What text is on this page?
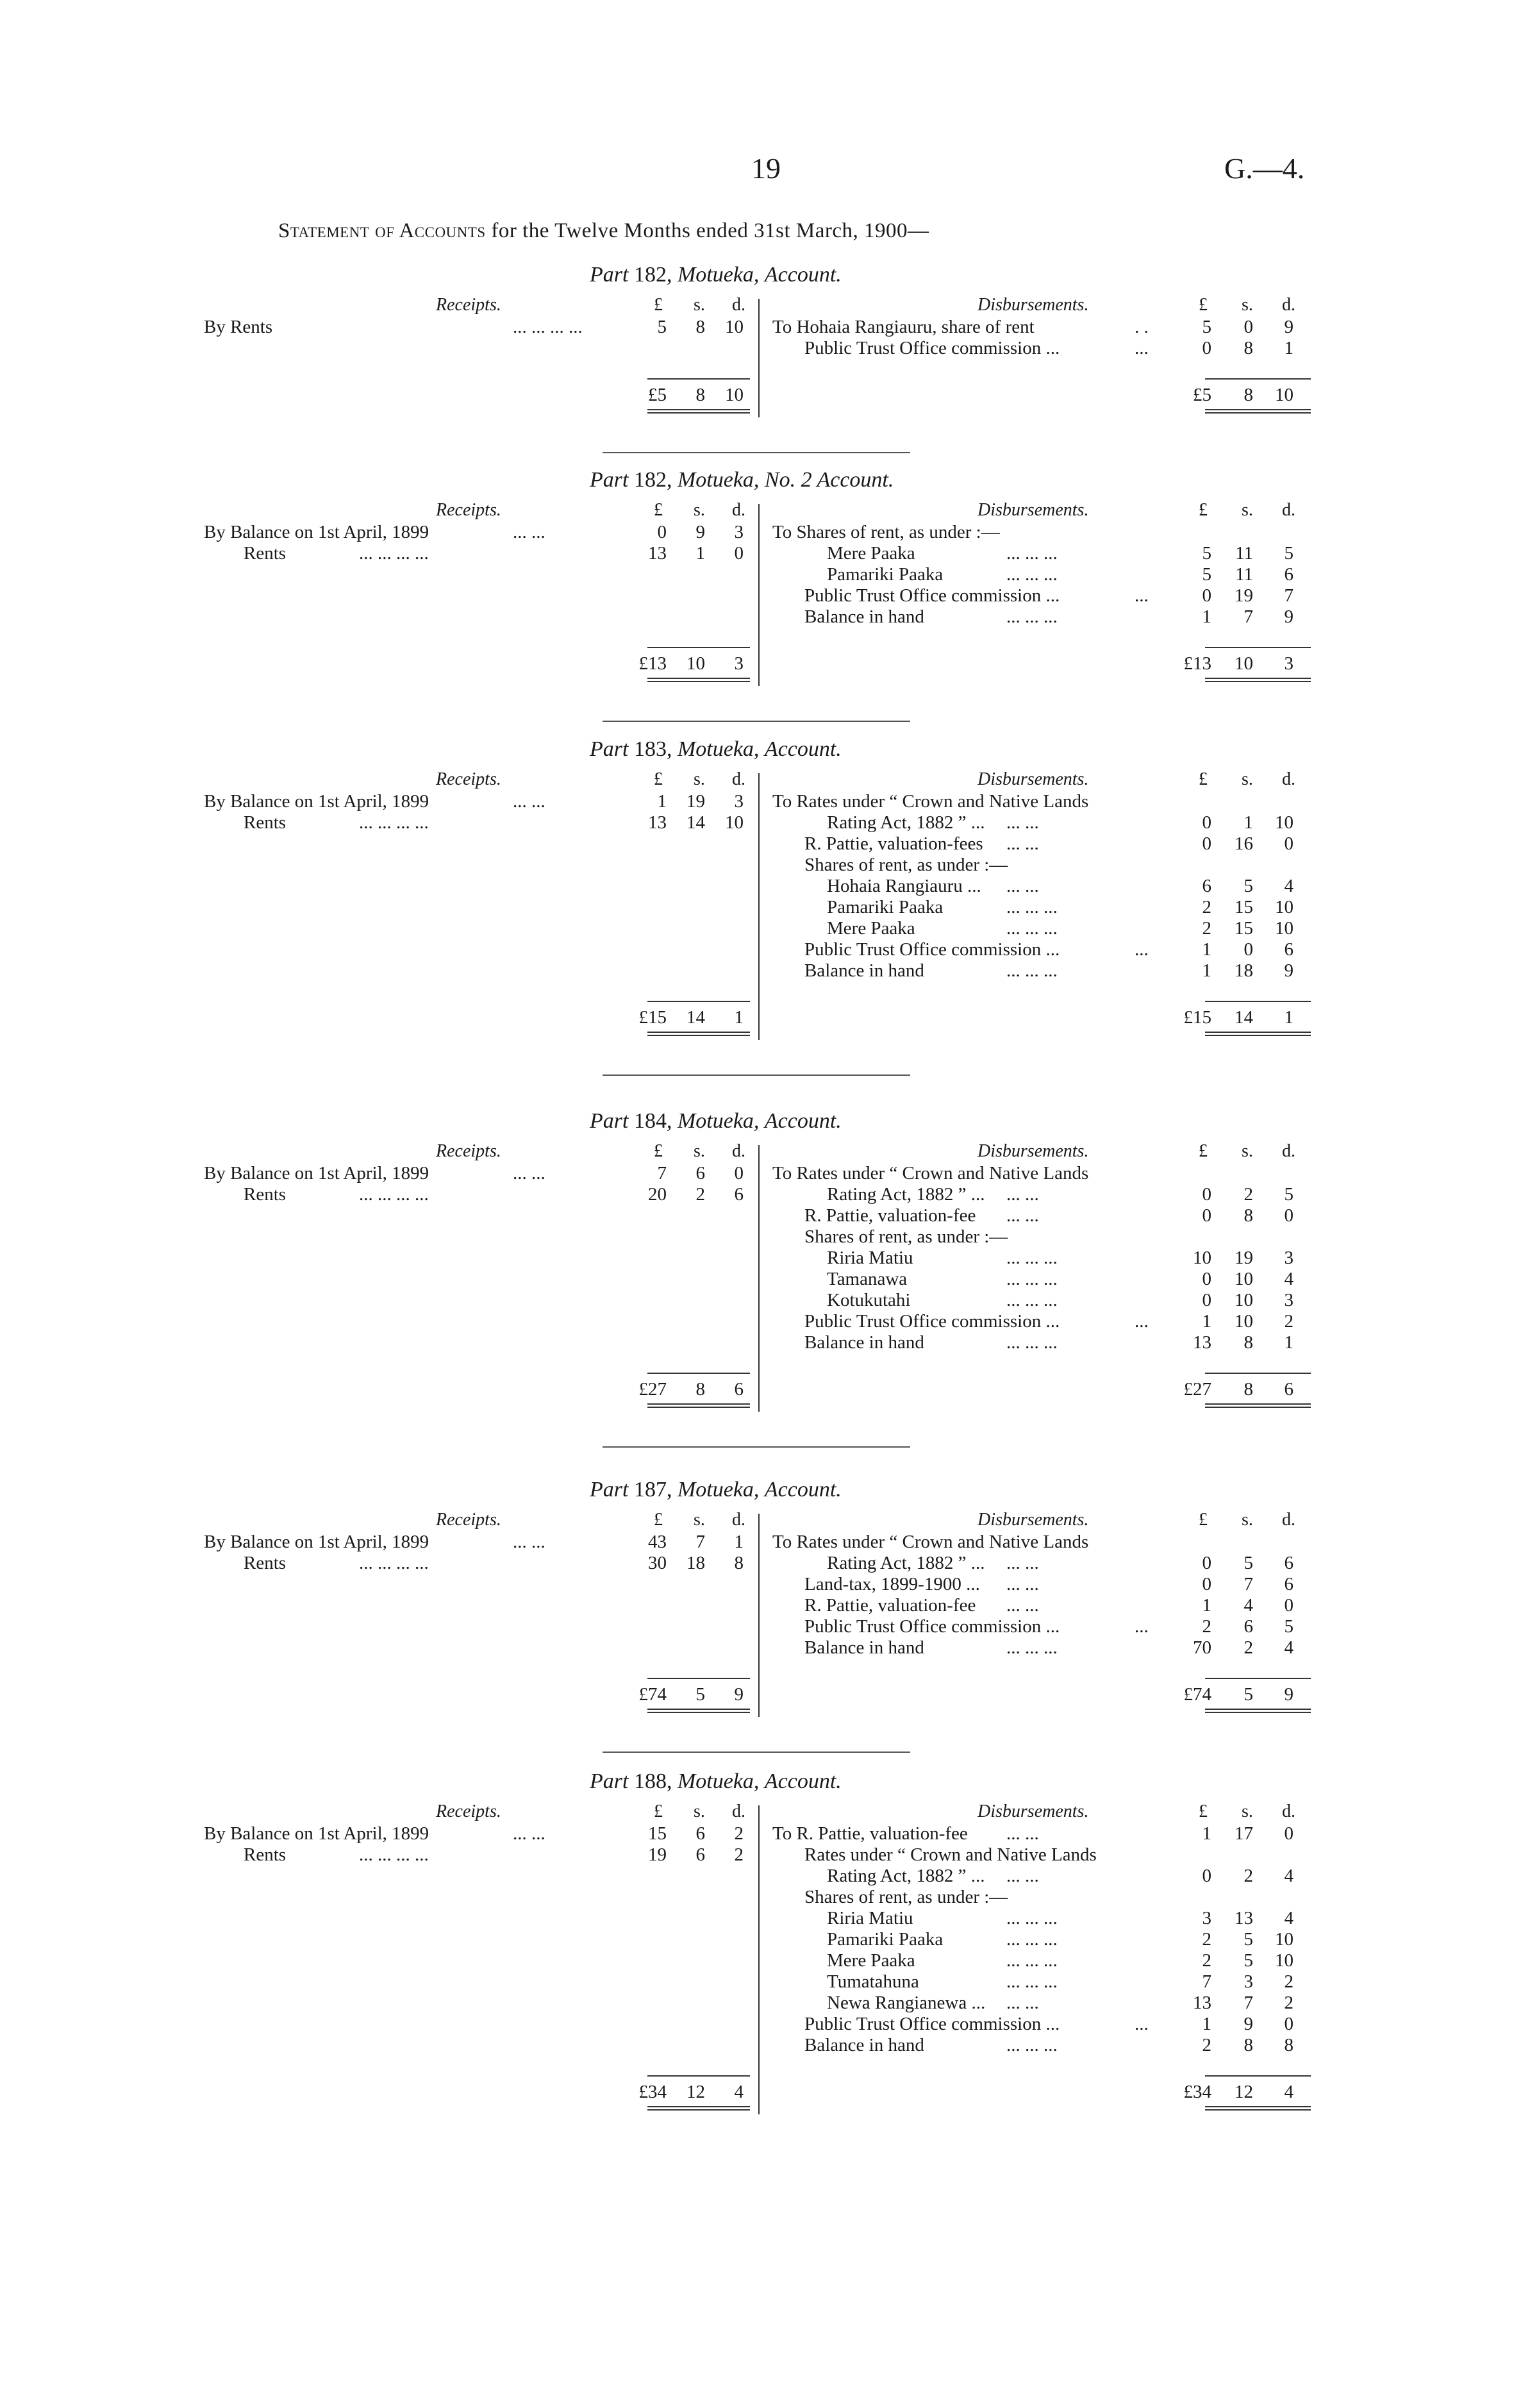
19	G.—4.
Statement of Accounts for the Twelve Months ended 31st March, 1900—
Part 182, Motueka, Account.
Receipts.	Disbursements.
£ s. d.	£ s. d.
By Rents	... ... ... ...	5	8	10 To Hohaia Rangiauru, share of rent	. .	5	0	9
Public Trust Office commission ...	...	0	8	1
£5	8	10	£5	8	10
Part 182, Motueka, No. 2 Account.
Receipts.	Disbursements.
£ s. d.	£ s. d.
By Balance on 1st April, 1899	... ...	0	9	3
Rents	... ... ... ...	13	1	0
To Shares of rent, as under :—
Mere Paaka	... ... ...	5	11	5
Pamariki Paaka	... ... ...	5	11	6
Public Trust Office commission ...	...	0	19	7
Balance in hand	... ... ...	1	7	9
£13	10	3	£13	10	3
Part 183, Motueka, Account.
Receipts.	Disbursements.
£ s. d.	£ s. d.
By Balance on 1st April, 1899	... ...	1	19	3
Rents	... ... ... ...	13	14	10
To Rates under “ Crown and Native Lands
Rating Act, 1882 ” ... ... ...	0	1	10
R. Pattie, valuation-fees ... ...	0	16	0
Shares of rent, as under :—
Hohaia Rangiauru ... ... ...	6	5	4
Pamariki Paaka	... ... ...	2	15	10
Mere Paaka	... ... ...	2	15	10
Public Trust Office commission ...	...	1	0	6
Balance in hand	... ... ...	1	18	9
£15	14	1	£15	14	1
Part 184, Motueka, Account.
Receipts.	Disbursements.
£ s. d.	£ s. d.
By Balance on 1st April, 1899	... ...	7	6	0
Rents	... ... ... ...	20	2	6
To Rates under “ Crown and Native Lands
Rating Act, 1882 ” ... ... ...	0	2	5
R. Pattie, valuation-fee ... ...	0	8	0
Shares of rent, as under :—
Riria Matiu	... ... ...	10	19	3
Tamanawa	... ... ...	0	10	4
Kotukutahi	... ... ...	0	10	3
Public Trust Office commission ...	...	1	10	2
Balance in hand	... ... ...	13	8	1
£27	8	6	£27	8	6
Part 187, Motueka, Account.
Receipts.	Disbursements.
£ s. d.	£ s. d.
By Balance on 1st April, 1899	... ...	43	7	1
Rents	... ... ... ...	30	18	8
To Rates under “ Crown and Native Lands
Rating Act, 1882 ” ... ... ...	0	5	6
Land-tax, 1899-1900 ... ... ...	0	7	6
R. Pattie, valuation-fee ... ...	1	4	0
Public Trust Office commission ...	...	2	6	5
Balance in hand	... ... ...	70	2	4
£74	5	9	£74	5	9
Part 188, Motueka, Account.
Receipts.	Disbursements.
£ s. d.	£ s. d.
By Balance on 1st April, 1899	... ...	15	6	2
Rents	... ... ... ...	19	6	2
To R. Pattie, valuation-fee ... ...	1	17	0
Rates under “ Crown and Native Lands
Rating Act, 1882 ” ... ... ...	0	2	4
Shares of rent, as under :—
Riria Matiu	... ... ...	3	13	4
Pamariki Paaka	... ... ...	2	5	10
Mere Paaka	... ... ...	2	5	10
Tumatahuna	... ... ...	7	3	2
Newa Rangianewa ... ... ...	13	7	2
Public Trust Office commission ...	...	1	9	0
Balance in hand	... ... ...	2	8	8
£34	12	4	£34	12	4
